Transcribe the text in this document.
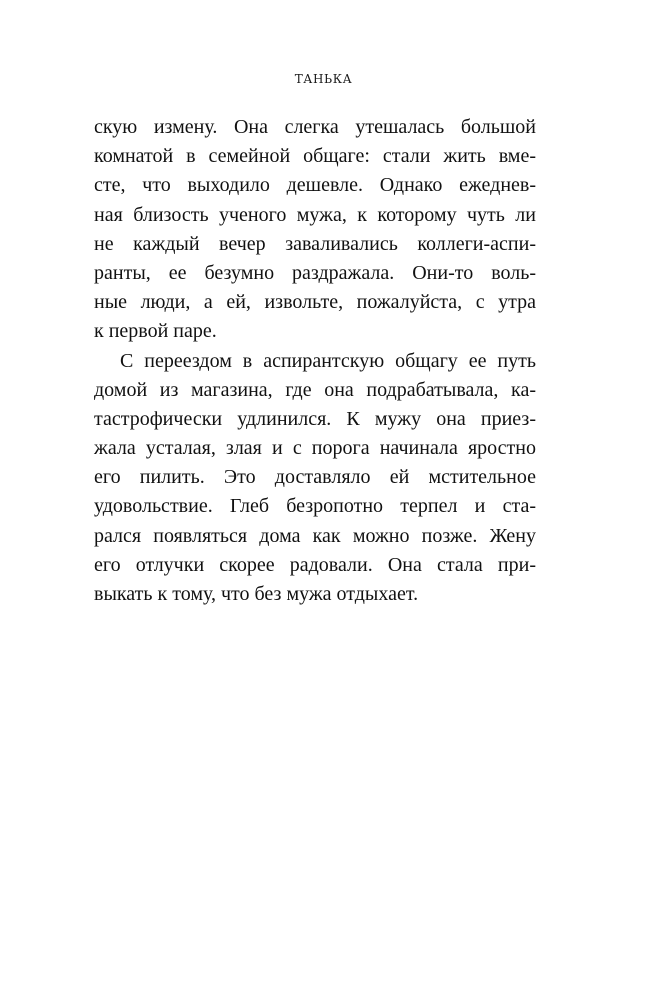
ТАНЬКА
скую измену. Она слегка утешалась большой
комнатой в семейной общаге: стали жить вме-
сте, что выходило дешевле. Однако ежеднев-
ная близость ученого мужа, к которому чуть ли
не каждый вечер заваливались коллеги-аспи-
ранты, ее безумно раздражала. Они-то воль-
ные люди, а ей, извольте, пожалуйста, с утра
к первой паре.
С переездом в аспирантскую общагу ее путь
домой из магазина, где она подрабатывала, ка-
тастрофически удлинился. К мужу она приез-
жала усталая, злая и с порога начинала яростно
его пилить. Это доставляло ей мстительное
удовольствие. Глеб безропотно терпел и ста-
рался появляться дома как можно позже. Жену
его отлучки скорее радовали. Она стала при-
выкать к тому, что без мужа отдыхает.
